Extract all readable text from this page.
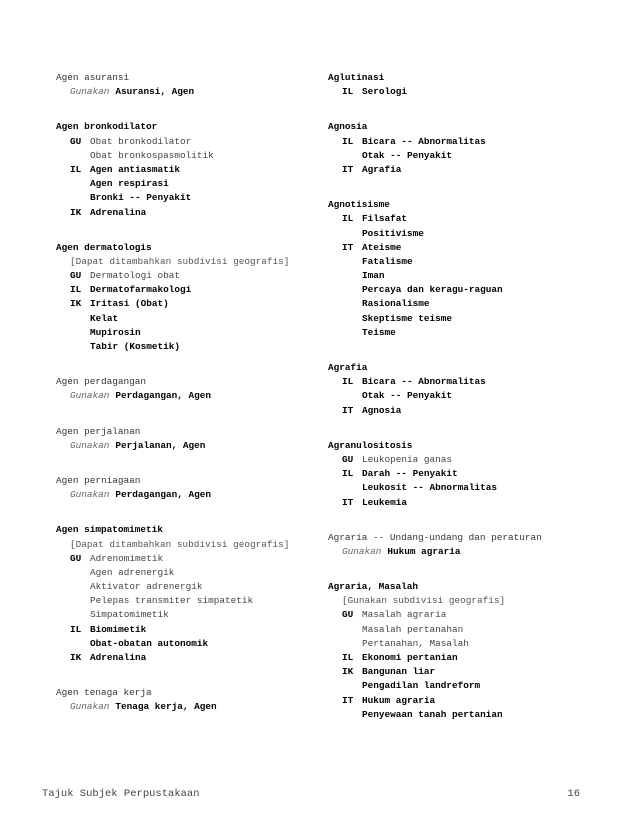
Agen asuransi
Gunakan Asuransi, Agen
Agen bronkodilator
GU Obat bronkodilator
Obat bronkospasmolitik
IL Agen antiasmatik
Agen respirasi
Bronki -- Penyakit
IK Adrenalina
Agen dermatologis
[Dapat ditambahkan subdivisi geografis]
GU Dermatologi obat
IL Dermatofarmakologi
IK Iritasi (Obat)
Kelat
Mupirosin
Tabir (Kosmetik)
Agen perdagangan
Gunakan Perdagangan, Agen
Agen perjalanan
Gunakan Perjalanan, Agen
Agen perniagaan
Gunakan Perdagangan, Agen
Agen simpatomimetik
[Dapat ditambahkan subdivisi geografis]
GU Adrenomimetik
Agen adrenergik
Aktivator adrenergik
Pelepas transmiter simpatetik
Simpatomimetik
IL Biomimetik
Obat-obatan autonomik
IK Adrenalina
Agen tenaga kerja
Gunakan Tenaga kerja, Agen
Aglutinasi
IL Serologi
Agnosia
IL Bicara -- Abnormalitas
Otak -- Penyakit
IT Agrafia
Agnotisisme
IL Filsafat
Positivisme
IT Ateisme
Fatalisme
Iman
Percaya dan keragu-raguan
Rasionalisme
Skeptisme teisme
Teisme
Agrafia
IL Bicara -- Abnormalitas
Otak -- Penyakit
IT Agnosia
Agranulositosis
GU Leukopenia ganas
IL Darah -- Penyakit
Leukosit -- Abnormalitas
IT Leukemia
Agraria -- Undang-undang dan peraturan
Gunakan Hukum agraria
Agraria, Masalah
[Gunakan subdivisi geografis]
GU Masalah agraria
Masalah pertanahan
Pertanahan, Masalah
IL Ekonomi pertanian
IK Bangunan liar
Pengadilan landreform
IT Hukum agraria
Penyewaan tanah pertanian
Tajuk Subjek Perpustakaan	16
